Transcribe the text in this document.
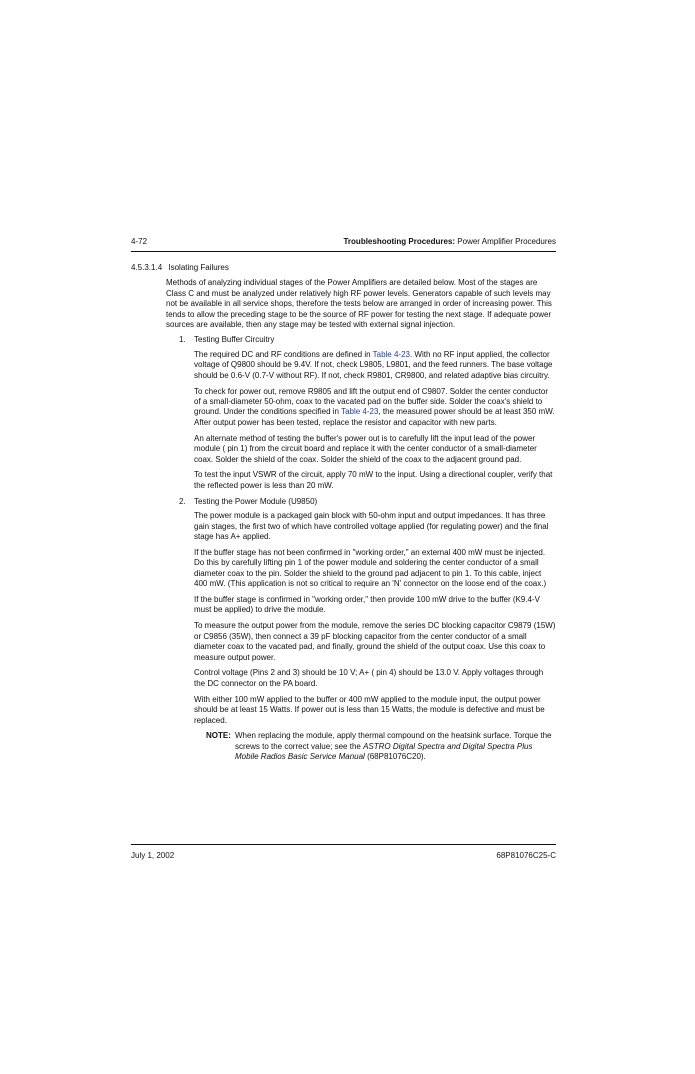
4-72	Troubleshooting Procedures: Power Amplifier Procedures
4.5.3.1.4 Isolating Failures

Methods of analyzing individual stages of the Power Amplifiers are detailed below. Most of the stages are Class C and must be analyzed under relatively high RF power levels. Generators capable of such levels may not be available in all service shops, therefore the tests below are arranged in order of increasing power. This tends to allow the preceding stage to be the source of RF power for testing the next stage. If adequate power sources are available, then any stage may be tested with external signal injection.

1.	Testing Buffer Circuitry

The required DC and RF conditions are defined in Table 4-23. With no RF input applied, the collector voltage of Q9800 should be 9.4V. If not, check L9805, L9801, and the feed runners. The base voltage should be 0.6-V (0.7-V without RF). If not, check R9801, CR9800, and related adaptive bias circuitry.

To check for power out, remove R9805 and lift the output end of C9807. Solder the center conductor of a small-diameter 50-ohm, coax to the vacated pad on the buffer side. Solder the coax's shield to ground. Under the conditions specified in Table 4-23, the measured power should be at least 350 mW. After output power has been tested, replace the resistor and capacitor with new parts.

An alternate method of testing the buffer's power out is to carefully lift the input lead of the power module ( pin 1) from the circuit board and replace it with the center conductor of a small-diameter coax. Solder the shield of the coax. Solder the shield of the coax to the adjacent ground pad.

To test the input VSWR of the circuit, apply 70 mW to the input. Using a directional coupler, verify that the reflected power is less than 20 mW.

2.	Testing the Power Module (U9850)

The power module is a packaged gain block with 50-ohm input and output impedances. It has three gain stages, the first two of which have controlled voltage applied (for regulating power) and the final stage has A+ applied.

If the buffer stage has not been confirmed in "working order," an external 400 mW must be injected. Do this by carefully lifting pin 1 of the power module and soldering the center conductor of a small diameter coax to the pin. Solder the shield to the ground pad adjacent to pin 1. To this cable, inject 400 mW. (This application is not so critical to require an 'N' connector on the loose end of the coax.)

If the buffer stage is confirmed in "working order," then provide 100 mW drive to the buffer (K9.4-V must be applied) to drive the module.

To measure the output power from the module, remove the series DC blocking capacitor C9879 (15W) or C9856 (35W), then connect a 39 pF blocking capacitor from the center conductor of a small diameter coax to the vacated pad, and finally, ground the shield of the output coax. Use this coax to measure output power.

Control voltage (Pins 2 and 3) should be 10 V; A+ ( pin 4) should be 13.0 V. Apply voltages through the DC connector on the PA board.

With either 100 mW applied to the buffer or 400 mW applied to the module input, the output power should be at least 15 Watts. If power out is less than 15 Watts, the module is defective and must be replaced.

NOTE: When replacing the module, apply thermal compound on the heatsink surface. Torque the screws to the correct value; see the ASTRO Digital Spectra and Digital Spectra Plus Mobile Radios Basic Service Manual (68P81076C20).
July 1, 2002	68P81076C25-C
